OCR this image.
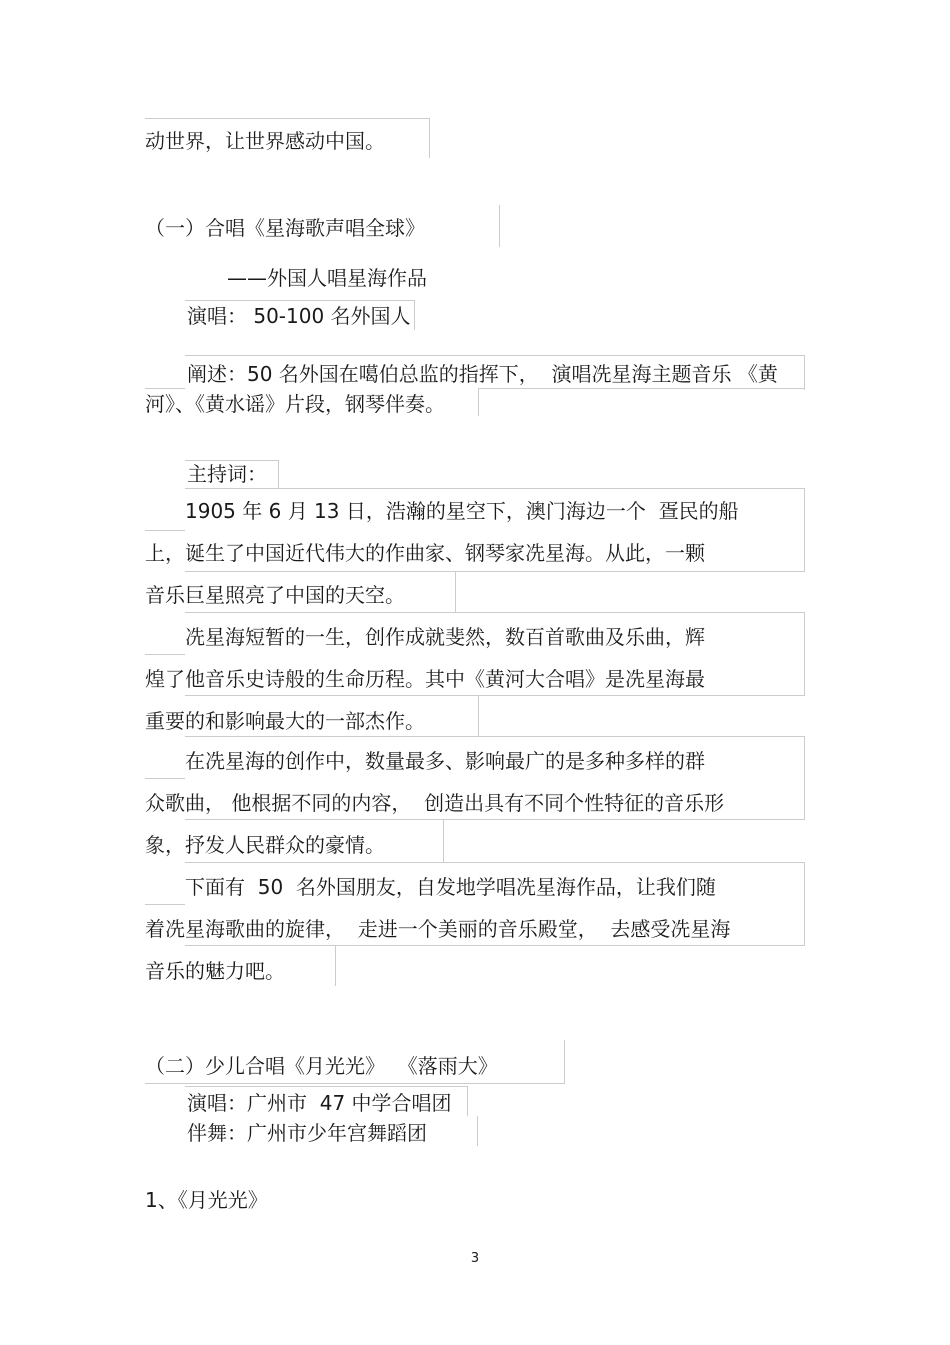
动世界，让世界感动中国。

（一）合唱《星海歌声唱全球》

——外国人唱星海作品

演唱： 50-100 名外国人

阐述：50 名外国在噶伯总监的指挥下，  演唱冼星海主题音乐 《黄

河》、《黄水谣》片段，钢琴伴奏。

主持词：

1905 年 6 月 13 日，浩瀚的星空下，澳门海边一个  疍民的船

上，诞生了中国近代伟大的作曲家、钢琴家冼星海。从此，一颗

音乐巨星照亮了中国的天空。

冼星海短暂的一生，创作成就斐然，数百首歌曲及乐曲，辉

煌了他音乐史诗般的生命历程。其中《黄河大合唱》是冼星海最

重要的和影响最大的一部杰作。

在冼星海的创作中，数量最多、影响最广的是多种多样的群

众歌曲， 他根据不同的内容，  创造出具有不同个性特征的音乐形

象，抒发人民群众的豪情。

下面有  50  名外国朋友，自发地学唱冼星海作品，让我们随

着冼星海歌曲的旋律，  走进一个美丽的音乐殿堂，  去感受冼星海

音乐的魅力吧。

（二）少儿合唱《月光光》  《落雨大》

演唱：广州市  47 中学合唱团

伴舞：广州市少年宫舞蹈团

1、《月光光》

3
